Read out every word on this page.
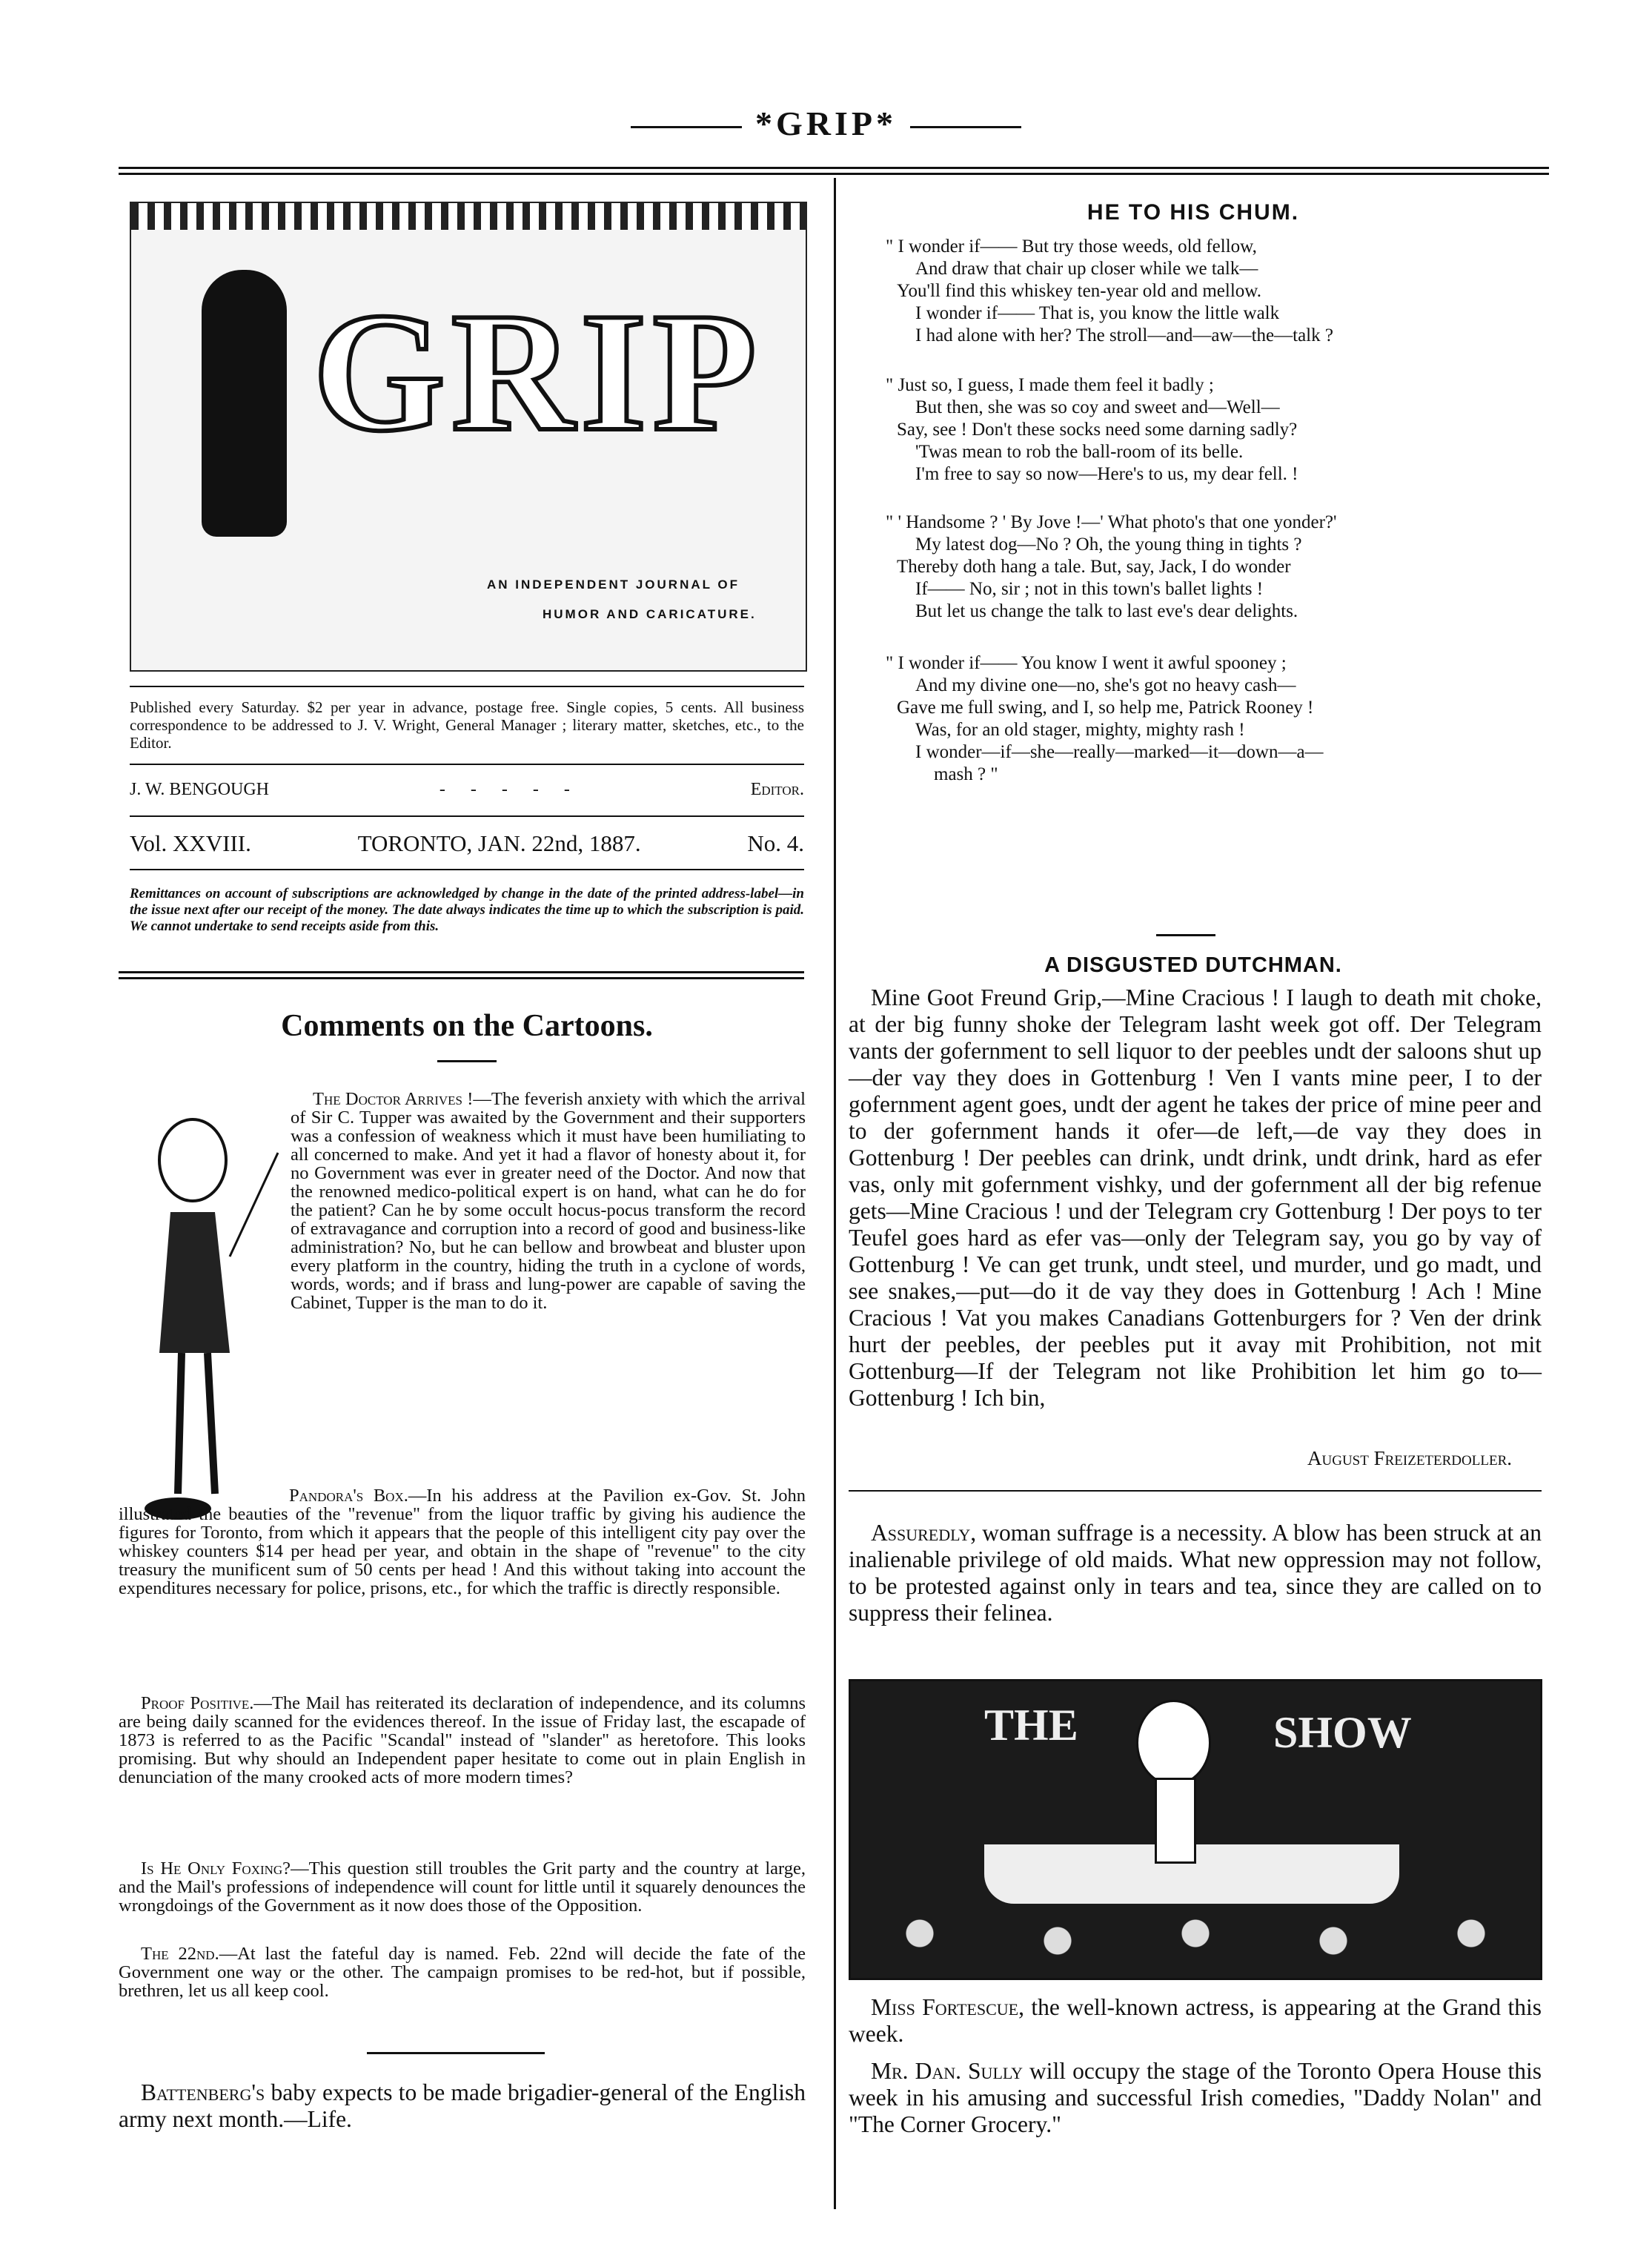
*GRIP*
GRIP
AN INDEPENDENT JOURNAL OF
HUMOR AND CARICATURE.
Published every Saturday. $2 per year in advance, postage free. Single copies, 5 cents. All business correspondence to be addressed to J. V. Wright, General Manager ; literary matter, sketches, etc., to the Editor.
J. W. BENGOUGH	- - - - -	Editor.
Vol. XXVIII.	TORONTO, JAN. 22nd, 1887.	No. 4.
Remittances on account of subscriptions are acknowledged by change in the date of the printed address-label—in the issue next after our receipt of the money. The date always indicates the time up to which the subscription is paid. We cannot undertake to send receipts aside from this.
Comments on the Cartoons.
The Doctor Arrives !—The feverish anxiety with which the arrival of Sir C. Tupper was awaited by the Government and their supporters was a confession of weakness which it must have been humiliating to all concerned to make. And yet it had a flavor of honesty about it, for no Government was ever in greater need of the Doctor. And now that the renowned medico-political expert is on hand, what can he do for the patient? Can he by some occult hocus-pocus transform the record of extravagance and corruption into a record of good and business-like administration? No, but he can bellow and browbeat and bluster upon every platform in the country, hiding the truth in a cyclone of words, words, words; and if brass and lung-power are capable of saving the Cabinet, Tupper is the man to do it.
Pandora's Box.—In his address at the Pavilion ex-Gov. St. John illustrated the beauties of the "revenue" from the liquor traffic by giving his audience the figures for Toronto, from which it appears that the people of this intelligent city pay over the whiskey counters $14 per head per year, and obtain in the shape of "revenue" to the city treasury the munificent sum of 50 cents per head ! And this without taking into account the expenditures necessary for police, prisons, etc., for which the traffic is directly responsible.
Proof Positive.—The Mail has reiterated its declaration of independence, and its columns are being daily scanned for the evidences thereof. In the issue of Friday last, the escapade of 1873 is referred to as the Pacific "Scandal" instead of "slander" as heretofore. This looks promising. But why should an Independent paper hesitate to come out in plain English in denunciation of the many crooked acts of more modern times?
Is He Only Foxing?—This question still troubles the Grit party and the country at large, and the Mail's professions of independence will count for little until it squarely denounces the wrongdoings of the Government as it now does those of the Opposition.
The 22nd.—At last the fateful day is named. Feb. 22nd will decide the fate of the Government one way or the other. The campaign promises to be red-hot, but if possible, brethren, let us all keep cool.
Battenberg's baby expects to be made brigadier-general of the English army next month.—Life.
HE TO HIS CHUM.
" I wonder if—— But try those weeds, old fellow,
And draw that chair up closer while we talk—
You'll find this whiskey ten-year old and mellow.
I wonder if—— That is, you know the little walk
I had alone with her? The stroll—and—aw—the—talk ?
" Just so, I guess, I made them feel it badly ;
But then, she was so coy and sweet and—Well—
Say, see ! Don't these socks need some darning sadly?
'Twas mean to rob the ball-room of its belle.
I'm free to say so now—Here's to us, my dear fell. !
" ' Handsome ? ' By Jove !—' What photo's that one yonder?'
My latest dog—No ? Oh, the young thing in tights ?
Thereby doth hang a tale. But, say, Jack, I do wonder
If—— No, sir ; not in this town's ballet lights !
But let us change the talk to last eve's dear delights.
" I wonder if—— You know I went it awful spooney ;
And my divine one—no, she's got no heavy cash—
Gave me full swing, and I, so help me, Patrick Rooney !
Was, for an old stager, mighty, mighty rash !
I wonder—if—she—really—marked—it—down—a—
mash ? "
A DISGUSTED DUTCHMAN.
Mine Goot Freund Grip,—Mine Cracious ! I laugh to death mit choke, at der big funny shoke der Telegram lasht week got off. Der Telegram vants der gofernment to sell liquor to der peebles undt der saloons shut up—der vay they does in Gottenburg ! Ven I vants mine peer, I to der gofernment agent goes, undt der agent he takes der price of mine peer and to der gofernment hands it ofer—de left,—de vay they does in Gottenburg ! Der peebles can drink, undt drink, undt drink, hard as efer vas, only mit gofernment vishky, und der gofernment all der big refenue gets—Mine Cracious ! und der Telegram cry Gottenburg ! Der poys to ter Teufel goes hard as efer vas—only der Telegram say, you go by vay of Gottenburg ! Ve can get trunk, undt steel, und murder, und go madt, und see snakes,—put—do it de vay they does in Gottenburg ! Ach ! Mine Cracious ! Vat you makes Canadians Gottenburgers for ? Ven der drink hurt der peebles, der peebles put it avay mit Prohibition, not mit Gottenburg—If der Telegram not like Prohibition let him go to—Gottenburg ! Ich bin,
August Freizeterdoller.
Assuredly, woman suffrage is a necessity. A blow has been struck at an inalienable privilege of old maids. What new oppression may not follow, to be protested against only in tears and tea, since they are called on to suppress their felinea.
THE	SHOW
Miss Fortescue, the well-known actress, is appearing at the Grand this week.
Mr. Dan. Sully will occupy the stage of the Toronto Opera House this week in his amusing and successful Irish comedies, "Daddy Nolan" and "The Corner Grocery."
